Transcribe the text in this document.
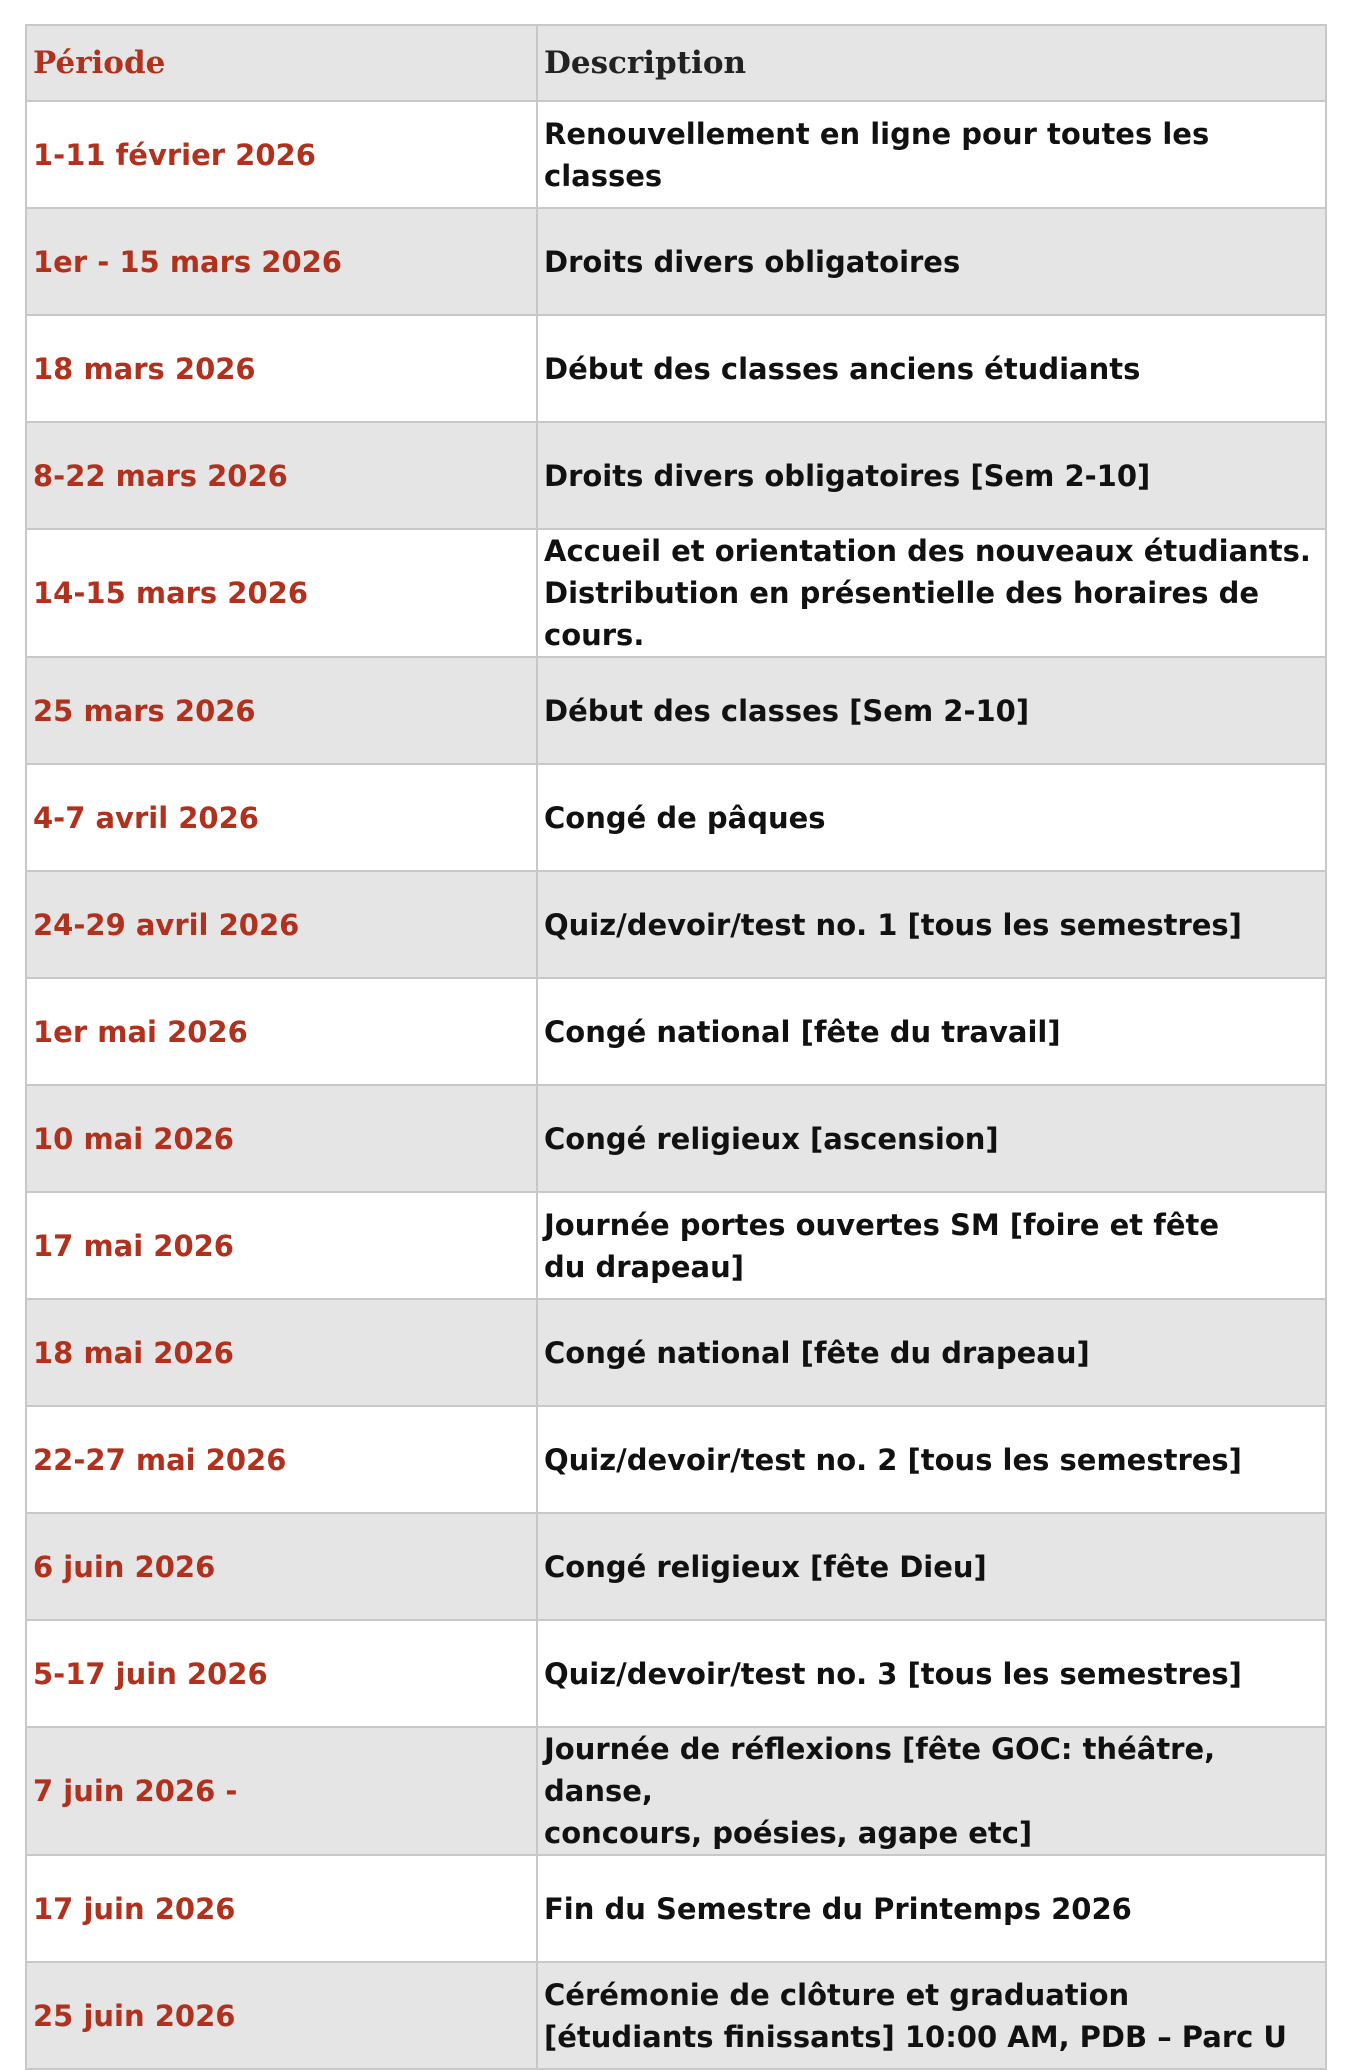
Période	Description
1-11 février 2026	Renouvellement en ligne pour toutes les classes

1er - 15 mars 2026	Droits divers obligatoires

18 mars 2026	Début des classes anciens étudiants

8-22 mars 2026	Droits divers obligatoires [Sem 2-10]

14-15 mars 2026	Accueil et orientation des nouveaux étudiants.
Distribution en présentielle des horaires de cours.

25 mars 2026	Début des classes [Sem 2-10]

4-7 avril 2026	Congé de pâques

24-29 avril 2026	Quiz/devoir/test no. 1 [tous les semestres]

1er mai 2026	Congé national [fête du travail]

10 mai 2026	Congé religieux [ascension]

17 mai 2026	Journée portes ouvertes SM [foire et fête
du drapeau]

18 mai 2026	Congé national [fête du drapeau]

22-27 mai 2026	Quiz/devoir/test no. 2 [tous les semestres]

6 juin 2026	Congé religieux [fête Dieu]

5-17 juin 2026	Quiz/devoir/test no. 3 [tous les semestres]

7 juin 2026 -	Journée de réflexions [fête GOC: théâtre, danse,
concours, poésies, agape etc]

17 juin 2026	Fin du Semestre du Printemps 2026

25 juin 2026	Cérémonie de clôture et graduation
[étudiants finissants] 10:00 AM, PDB – Parc U
